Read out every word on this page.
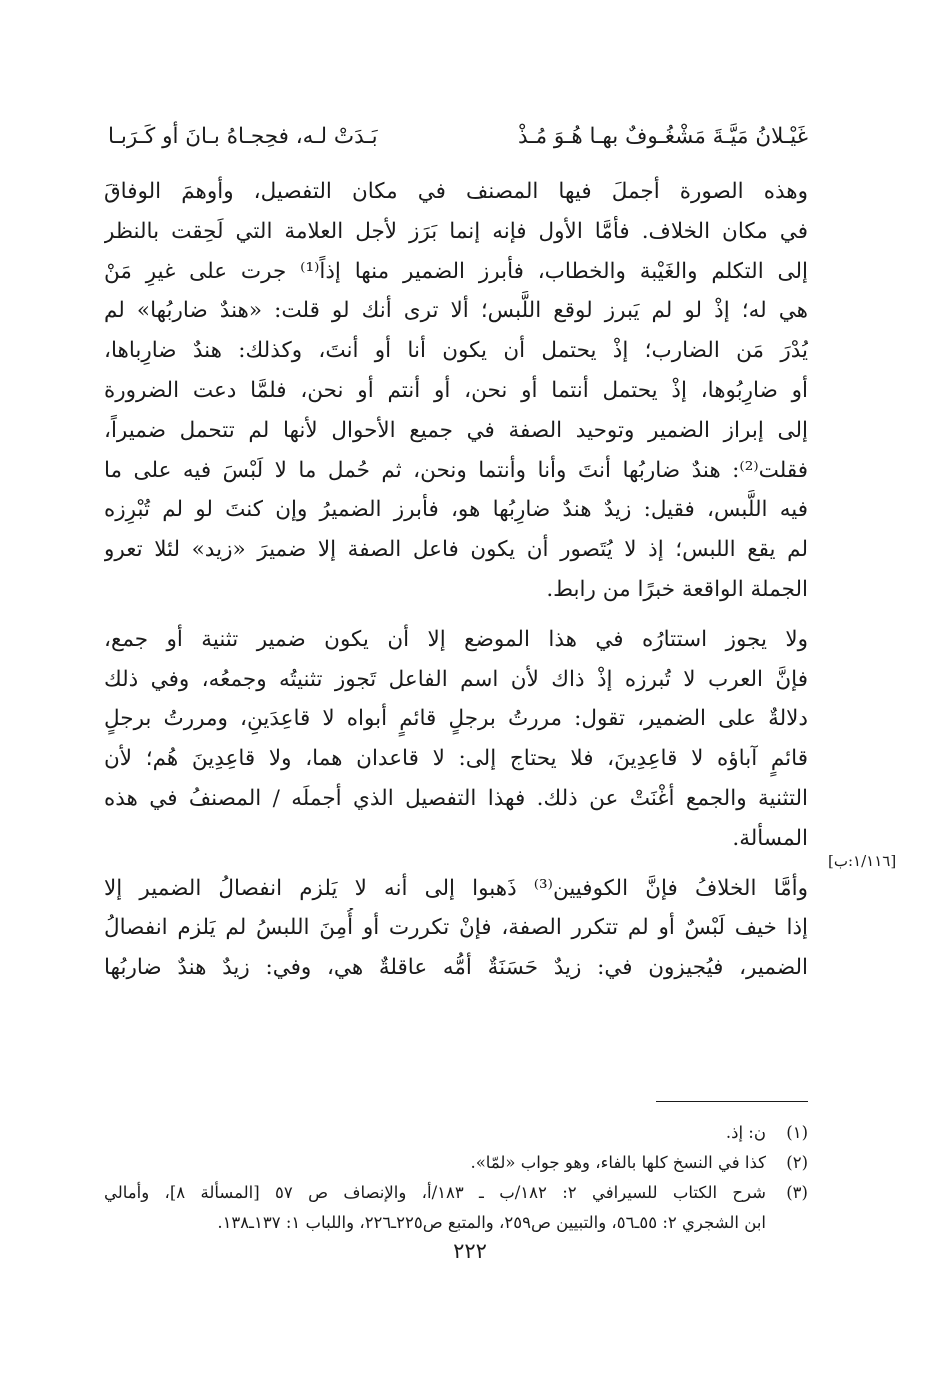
غَيْـلانُ مَيَّـةَ مَشْغُـوفٌ بهـا هُـوَ مُـذْ
بَـدَتْ لـه، فحِجـاهُ بـانَ أو كَـرَبـا
وهذه الصورة أجملَ فيها المصنف في مكان التفصيل، وأوهمَ الوفاقَ
في مكان الخلاف. فأمَّا الأول فإنه إنما بَرَز لأجل العلامة التي لَحِقت بالنظر
إلى التكلم والغَيْبة والخطاب، فأبرز الضمير منها إذاً⁽¹⁾ جرت على غيرِ مَنْ
هي له؛ إذْ لو لم يَبرز لوقع اللَّبس؛ ألا ترى أنك لو قلت: «هندٌ ضاربُها» لم
يُدْرَ مَن الضارب؛ إذْ يحتمل أن يكون أنا أو أنتَ، وكذلك: هندٌ ضارِباها،
أو ضارِبُوها، إذْ يحتمل أنتما أو نحن، أو أنتم أو نحن، فلمَّا دعت الضرورة
إلى إبراز الضمير وتوحيد الصفة في جميع الأحوال لأنها لم تتحمل ضميراً،
فقلت⁽²⁾: هندٌ ضاربُها أنتَ وأنا وأنتما ونحن، ثم حُمل ما لا لَبْسَ فيه على ما
فيه اللَّبس، فقيل: زيدٌ هندٌ ضارِبُها هو، فأبرز الضميرُ وإن كنتَ لو لم تُبْرِزه
لم يقع اللبس؛ إذ لا يُتَصور أن يكون فاعل الصفة إلا ضميرَ «زيد» لئلا تعرو
الجملة الواقعة خبرًا من رابط.
ولا يجوز استتارُه في هذا الموضع إلا أن يكون ضمير تثنية أو جمع،
فإنَّ العرب لا تُبرزه إذْ ذاك لأن اسم الفاعل تَجوز تثنيتُه وجمعُه، وفي ذلك
دلالةٌ على الضمير، تقول: مررتُ برجلٍ قائمٍ أبواه لا قاعِدَينِ، ومررتُ برجلٍ
قائمٍ آباؤه لا قاعِدِينَ، فلا يحتاج إلى: لا قاعدان هما، ولا قاعِدِينَ هُم؛ لأن
التثنية والجمع أغْنَتْ عن ذلك. فهذا التفصيل الذي أجملَه / المصنفُ في هذه
المسألة.
وأمَّا الخلافُ فإنَّ الكوفيين⁽³⁾ ذَهبوا إلى أنه لا يَلزم انفصالُ الضمير إلا
إذا خيف لَبْسٌ أو لم تتكرر الصفة، فإنْ تكررت أو أُمِنَ اللبسُ لم يَلزم انفصالُ
الضمير، فيُجيزون في: زيدٌ حَسَنَةٌ أمُّه عاقلةٌ هي، وفي: زيدٌ هندٌ ضاربُها
[١/١١٦:ب]
(١)ن: إذ.
(٢)كذا في النسخ كلها بالفاء، وهو جواب «لمّا».
(٣)شرح الكتاب للسيرافي ٢: ١٨٢/ب ـ ١٨٣/أ، والإنصاف ص ٥٧ [المسألة ٨]، وأمالي
ابن الشجري ٢: ٥٥ـ٥٦، والتبيين ص٢٥٩، والمتبع ص٢٢٥ـ٢٢٦، واللباب ١: ١٣٧ـ١٣٨.
٢٢٢
